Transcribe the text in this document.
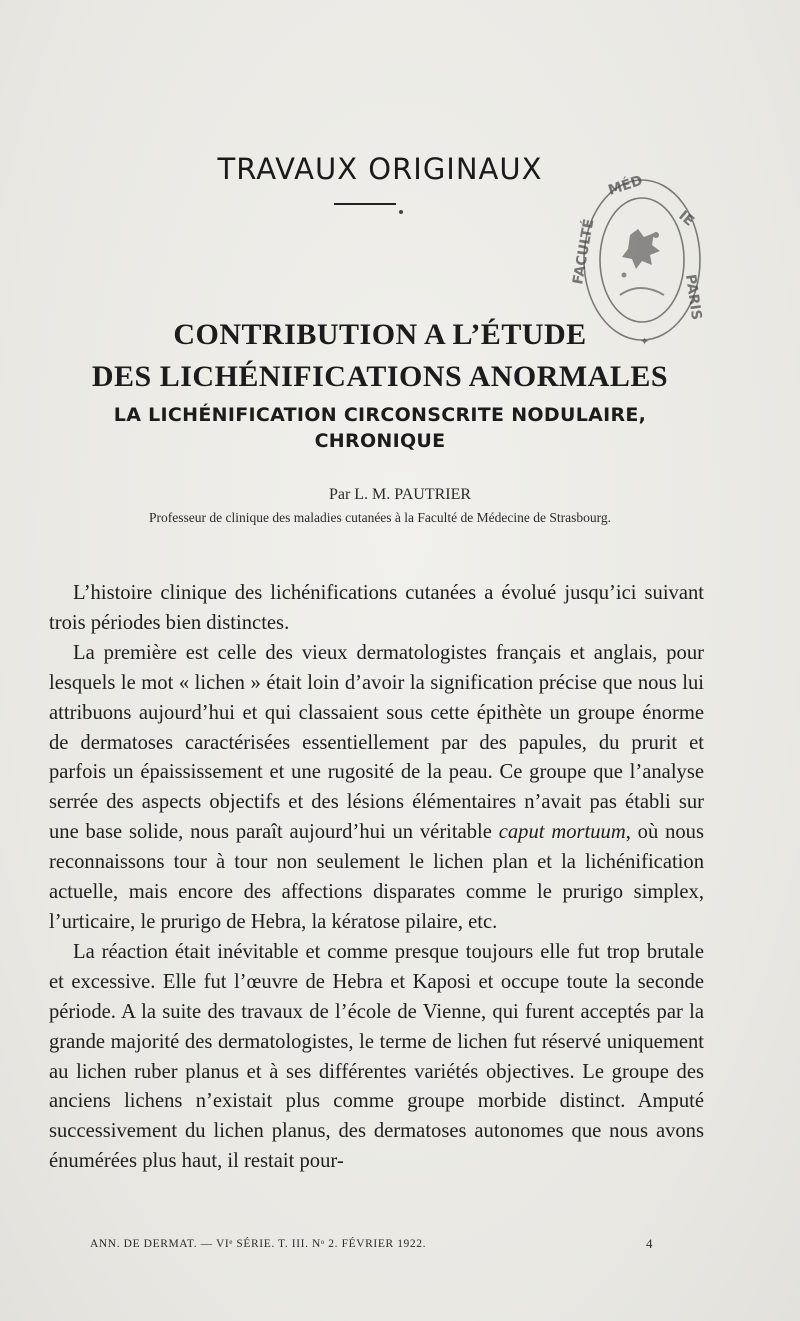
TRAVAUX ORIGINAUX	MÉD
IE
PARIS
FACULTÉ
✦
CONTRIBUTION A L’ÉTUDE
DES LICHÉNIFICATIONS ANORMALES
LA LICHÉNIFICATION CIRCONSCRITE NODULAIRE,
CHRONIQUE
Par L. M. PAUTRIER
Professeur de clinique des maladies cutanées à la Faculté de Médecine de Strasbourg.

L’histoire clinique des lichénifications cutanées a évolué jusqu’ici suivant trois périodes bien distinctes.

La première est celle des vieux dermatologistes français et anglais, pour lesquels le mot « lichen » était loin d’avoir la signification précise que nous lui attribuons aujourd’hui et qui classaient sous cette épithète un groupe énorme de dermatoses caractérisées essentiellement par des papules, du prurit et parfois un épaississement et une rugosité de la peau. Ce groupe que l’analyse serrée des aspects objectifs et des lésions élémentaires n’avait pas établi sur une base solide, nous paraît aujourd’hui un véritable caput mortuum, où nous reconnaissons tour à tour non seulement le lichen plan et la lichénification actuelle, mais encore des affections disparates comme le prurigo simplex, l’urticaire, le prurigo de Hebra, la kératose pilaire, etc.

La réaction était inévitable et comme presque toujours elle fut trop brutale et excessive. Elle fut l’œuvre de Hebra et Kaposi et occupe toute la seconde période. A la suite des travaux de l’école de Vienne, qui furent acceptés par la grande majorité des dermatologistes, le terme de lichen fut réservé uniquement au lichen ruber planus et à ses différentes variétés objectives. Le groupe des anciens lichens n’existait plus comme groupe morbide distinct. Amputé successivement du lichen planus, des dermatoses autonomes que nous avons énumérées plus haut, il restait pour-

ANN. DE DERMAT. — VIᵉ SÉRIE. T. III. Nᵒ 2. FÉVRIER 1922.	4
